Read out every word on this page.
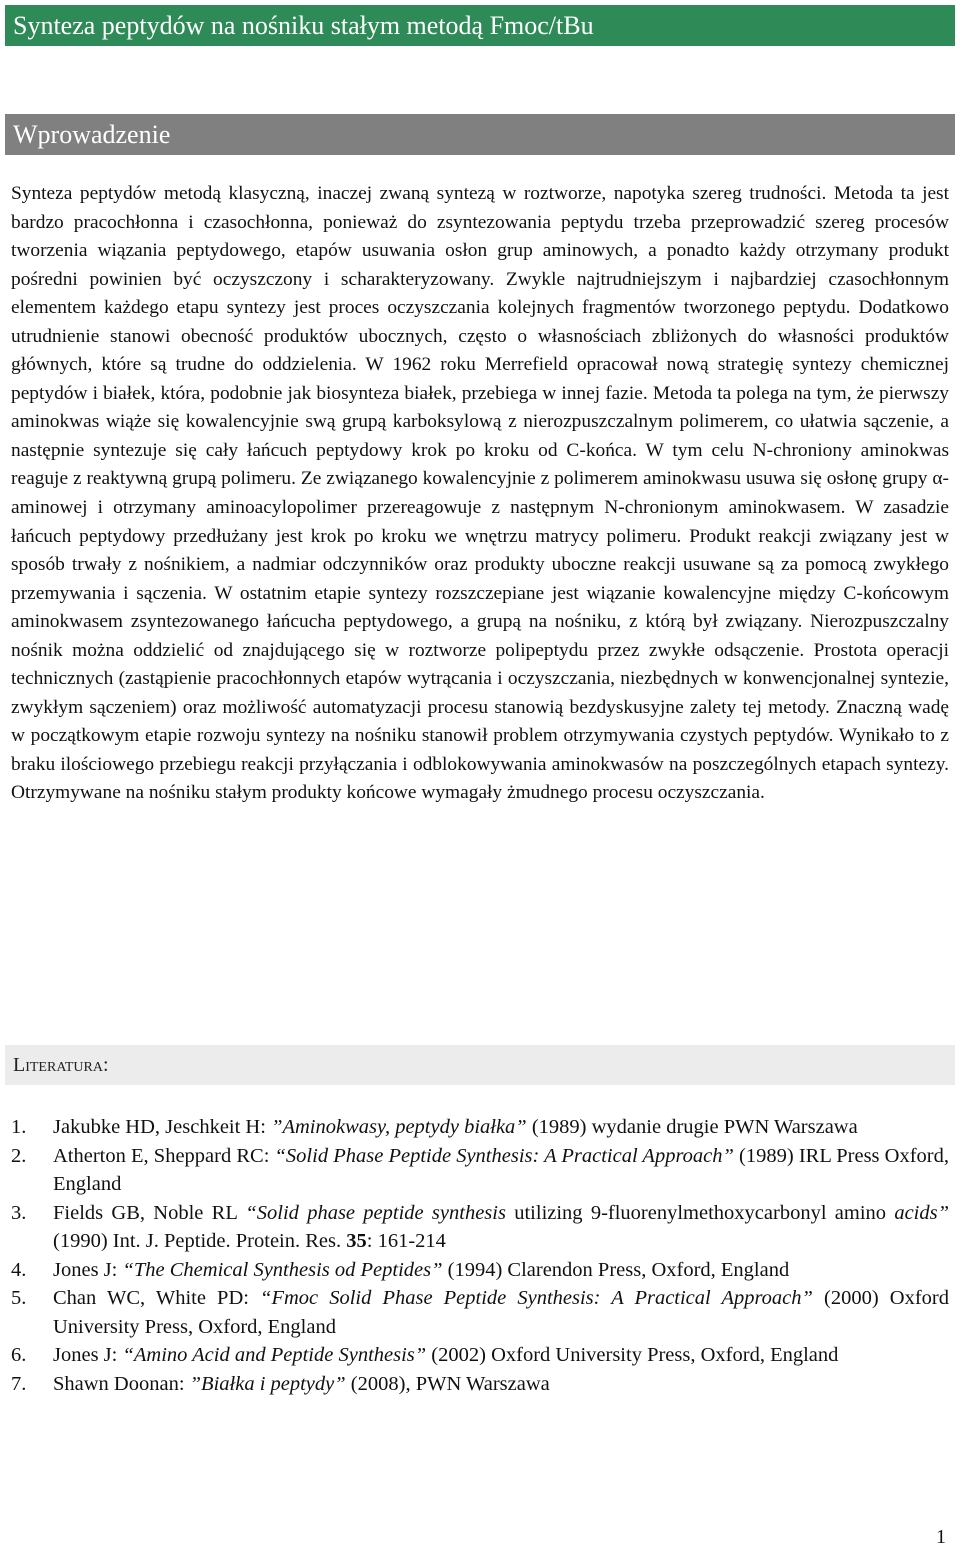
Synteza peptydów na nośniku stałym metodą Fmoc/tBu
Wprowadzenie

Synteza peptydów metodą klasyczną, inaczej zwaną syntezą w roztworze, napotyka szereg trudności. Metoda ta jest bardzo pracochłonna i czasochłonna, ponieważ do zsyntezowania peptydu trzeba przeprowadzić szereg procesów tworzenia wiązania peptydowego, etapów usuwania osłon grup aminowych, a ponadto każdy otrzymany produkt pośredni powinien być oczyszczony i scharakteryzowany. Zwykle najtrudniejszym i najbardziej czasochłonnym elementem każdego etapu syntezy jest proces oczyszczania kolejnych fragmentów tworzonego peptydu. Dodatkowo utrudnienie stanowi obecność produktów ubocznych, często o własnościach zbliżonych do własności produktów głównych, które są trudne do oddzielenia. W 1962 roku Merrefield opracował nową strategię syntezy chemicznej peptydów i białek, która, podobnie jak biosynteza białek, przebiega w innej fazie. Metoda ta polega na tym, że pierwszy aminokwas wiąże się kowalencyjnie swą grupą karboksylową z nierozpuszczalnym polimerem, co ułatwia sączenie, a następnie syntezuje się cały łańcuch peptydowy krok po kroku od C-końca. W tym celu N-chroniony aminokwas reaguje z reaktywną grupą polimeru. Ze związanego kowalencyjnie z polimerem aminokwasu usuwa się osłonę grupy α-aminowej i otrzymany aminoacylopolimer przereagowuje z następnym N-chronionym aminokwasem. W zasadzie łańcuch peptydowy przedłużany jest krok po kroku we wnętrzu matrycy polimeru. Produkt reakcji związany jest w sposób trwały z nośnikiem, a nadmiar odczynników oraz produkty uboczne reakcji usuwane są za pomocą zwykłego przemywania i sączenia. W ostatnim etapie syntezy rozszczepiane jest wiązanie kowalencyjne między C-końcowym aminokwasem zsyntezowanego łańcucha peptydowego, a grupą na nośniku, z którą był związany. Nierozpuszczalny nośnik można oddzielić od znajdującego się w roztworze polipeptydu przez zwykłe odsączenie. Prostota operacji technicznych (zastąpienie pracochłonnych etapów wytrącania i oczyszczania, niezbędnych w konwencjonalnej syntezie, zwykłym sączeniem) oraz możliwość automatyzacji procesu stanowią bezdyskusyjne zalety tej metody. Znaczną wadę w początkowym etapie rozwoju syntezy na nośniku stanowił problem otrzymywania czystych peptydów. Wynikało to z braku ilościowego przebiegu reakcji przyłączania i odblokowywania aminokwasów na poszczególnych etapach syntezy. Otrzymywane na nośniku stałym produkty końcowe wymagały żmudnego procesu oczyszczania.

Literatura:
1.	Jakubke HD, Jeschkeit H: ”Aminokwasy, peptydy białka” (1989) wydanie drugie PWN Warszawa
2.	Atherton E, Sheppard RC: “Solid Phase Peptide Synthesis: A Practical Approach” (1989) IRL Press Oxford, England
3.	Fields GB, Noble RL “Solid phase peptide synthesis utilizing 9-fluorenylmethoxycarbonyl amino acids” (1990) Int. J. Peptide. Protein. Res. 35: 161-214
4.	Jones J: “The Chemical Synthesis od Peptides” (1994) Clarendon Press, Oxford, England
5.	Chan WC, White PD: “Fmoc Solid Phase Peptide Synthesis: A Practical Approach” (2000) Oxford University Press, Oxford, England
6.	Jones J: “Amino Acid and Peptide Synthesis” (2002) Oxford University Press, Oxford, England
7.	Shawn Doonan: ”Białka i peptydy” (2008), PWN Warszawa
1
